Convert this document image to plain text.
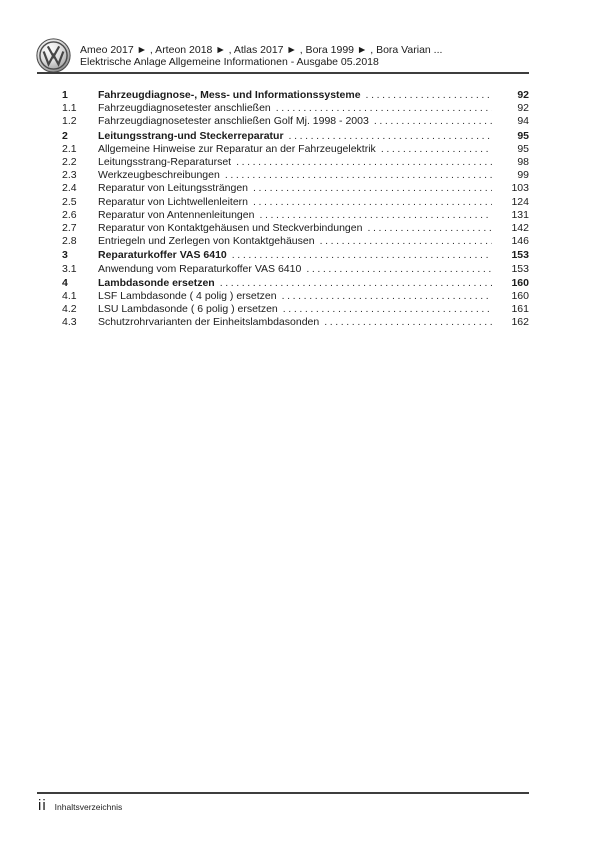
Ameo 2017 ► , Arteon 2018 ► , Atlas 2017 ► , Bora 1999 ► , Bora Varian ...
Elektrische Anlage Allgemeine Informationen - Ausgabe 05.2018
1	Fahrzeugdiagnose-, Mess- und Informationssysteme .....	92
1.1	Fahrzeugdiagnosetester anschließen .....	92
1.2	Fahrzeugdiagnosetester anschließen Golf Mj. 1998 - 2003 .....	94
2	Leitungsstrang-und Steckerreparatur .....	95
2.1	Allgemeine Hinweise zur Reparatur an der Fahrzeugelektrik .....	95
2.2	Leitungsstrang-Reparaturset .....	98
2.3	Werkzeugbeschreibungen .....	99
2.4	Reparatur von Leitungssträngen .....	103
2.5	Reparatur von Lichtwellenleitern .....	124
2.6	Reparatur von Antennenleitungen .....	131
2.7	Reparatur von Kontaktgehäusen und Steckverbindungen .....	142
2.8	Entriegeln und Zerlegen von Kontaktgehäusen .....	146
3	Reparaturkoffer VAS 6410 .....	153
3.1	Anwendung vom Reparaturkoffer VAS 6410 .....	153
4	Lambdasonde ersetzen .....	160
4.1	LSF Lambdasonde ( 4 polig ) ersetzen .....	160
4.2	LSU Lambdasonde ( 6 polig ) ersetzen .....	161
4.3	Schutzrohrvarianten der Einheitslambdasonden .....	162
ii Inhaltsverzeichnis
